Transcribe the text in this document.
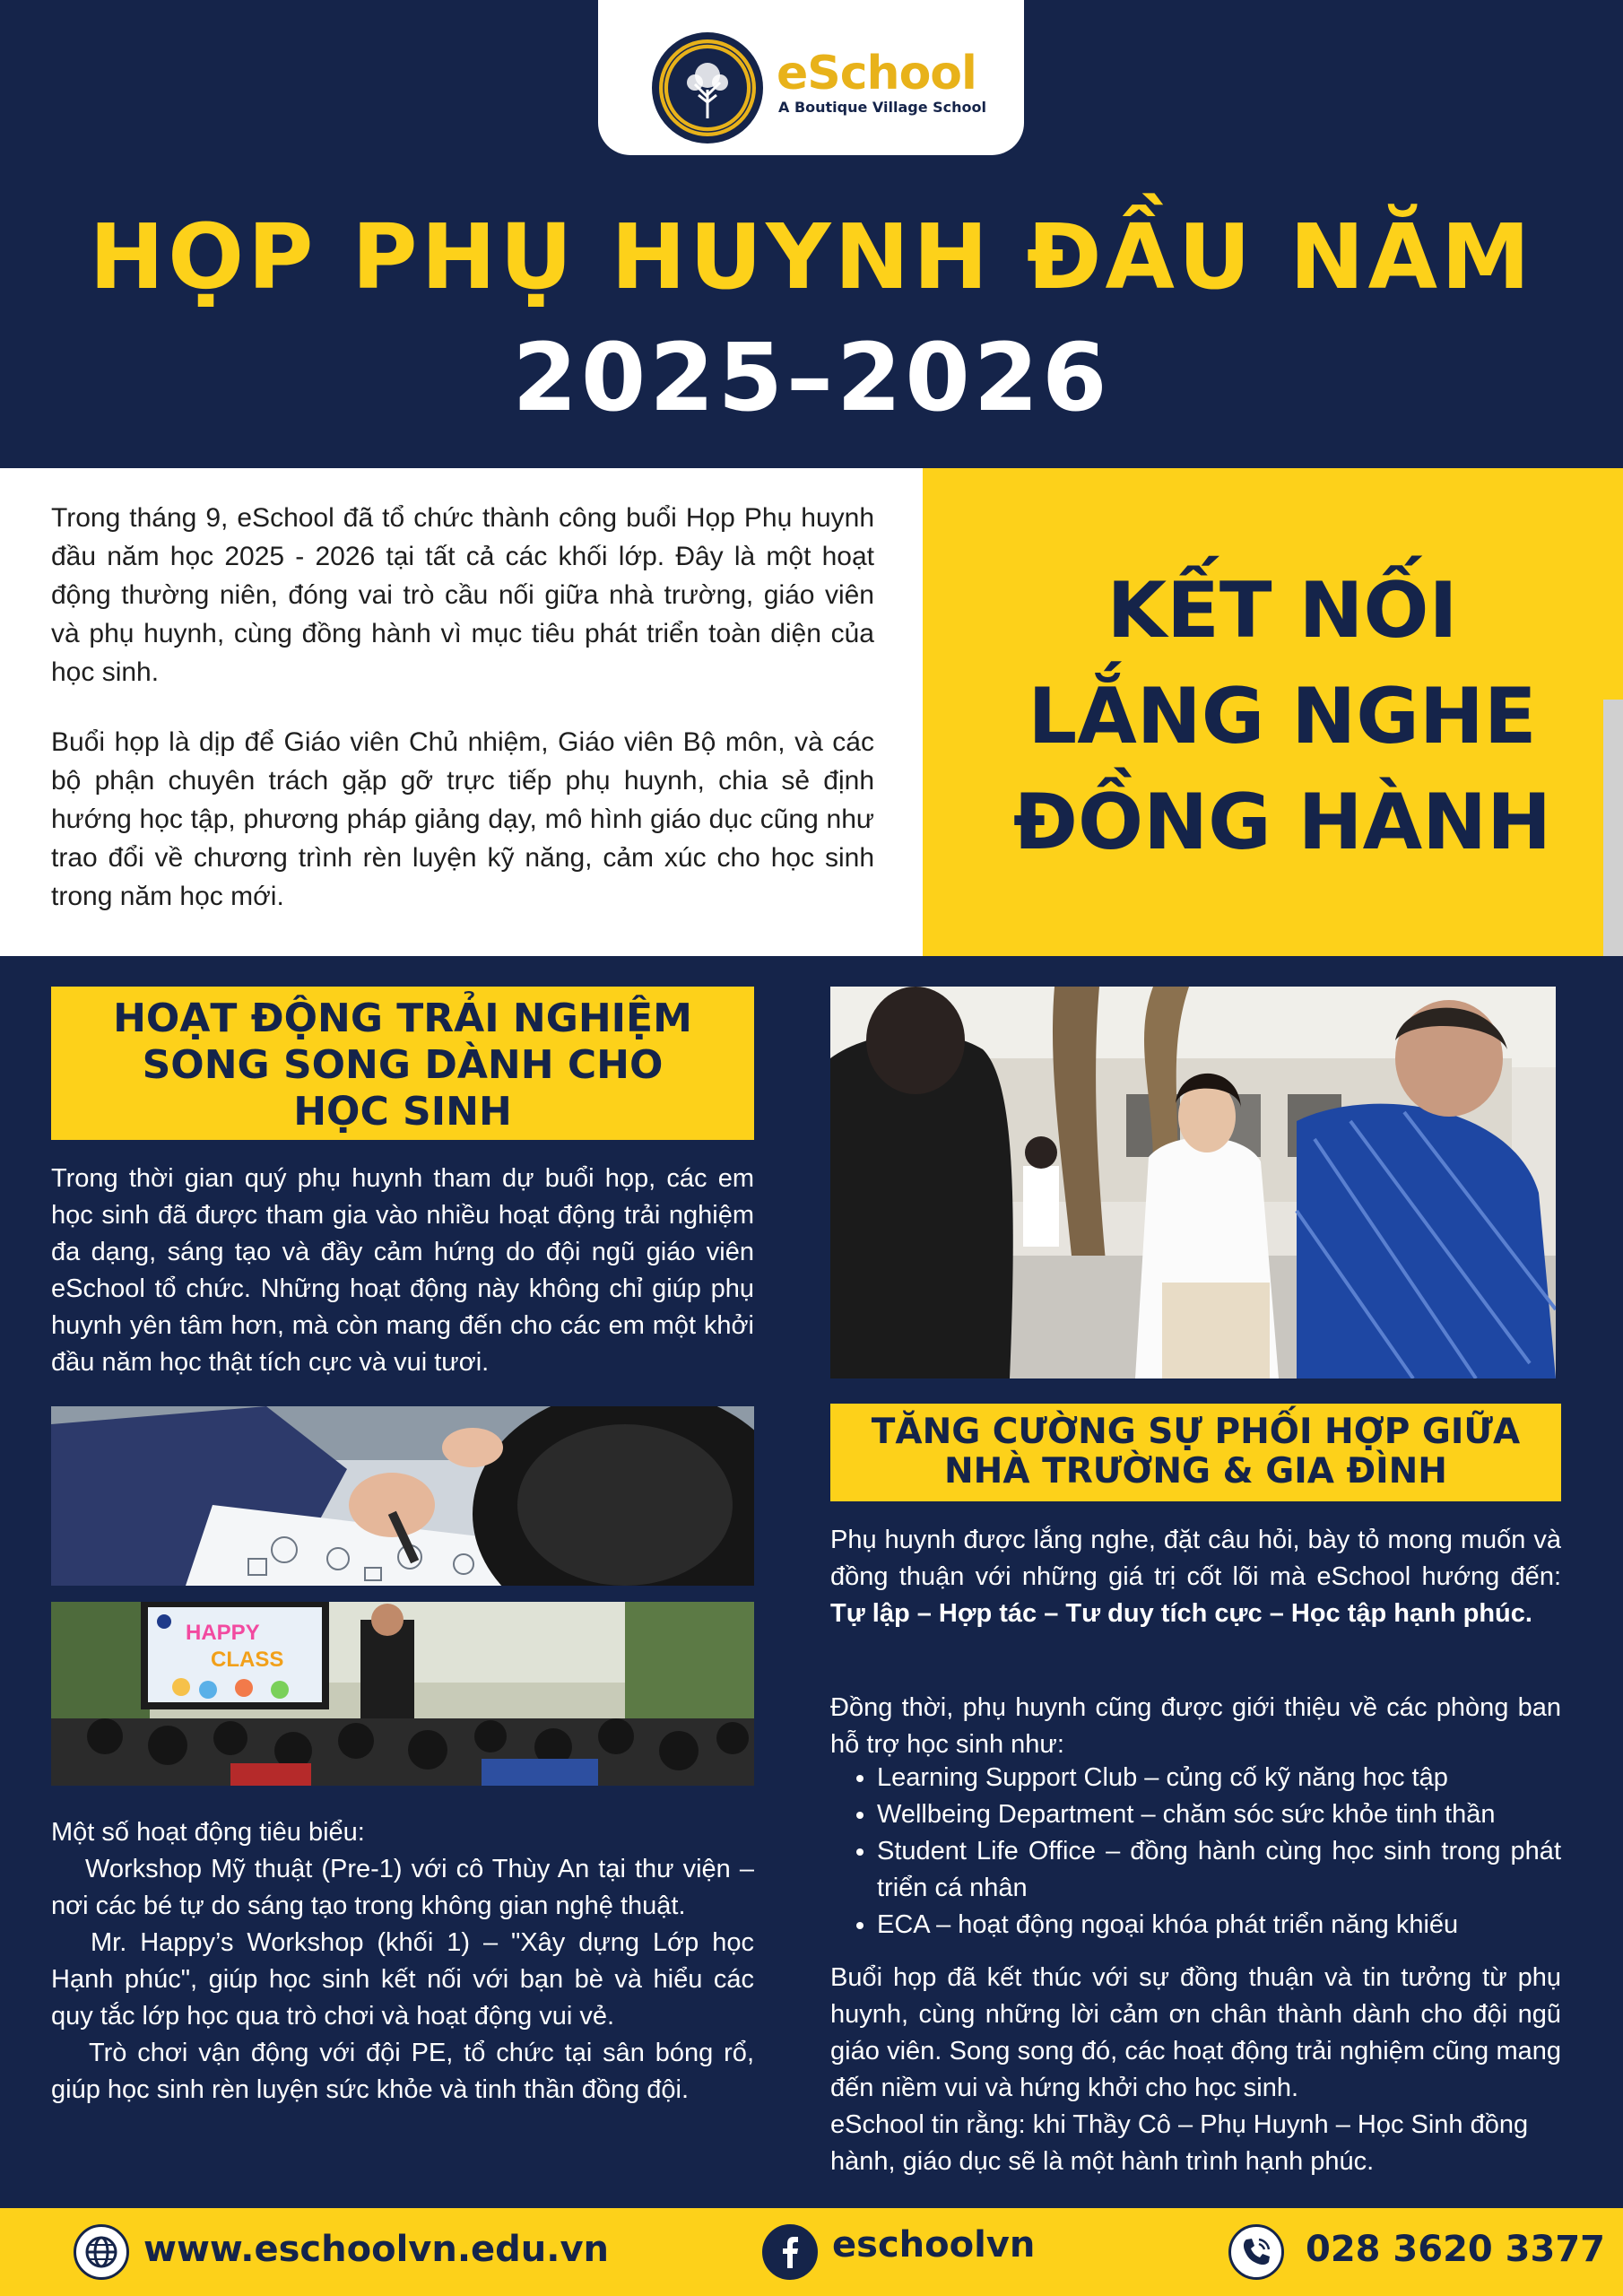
eSchool
A Boutique Village School
HỌP PHỤ HUYNH ĐẦU NĂM
2025–2026

Trong tháng 9, eSchool đã tổ chức thành công buổi Họp Phụ huynh đầu năm học 2025 - 2026 tại tất cả các khối lớp. Đây là một hoạt động thường niên, đóng vai trò cầu nối giữa nhà trường, giáo viên và phụ huynh, cùng đồng hành vì mục tiêu phát triển toàn diện của học sinh.

Buổi họp là dịp để Giáo viên Chủ nhiệm, Giáo viên Bộ môn, và các bộ phận chuyên trách gặp gỡ trực tiếp phụ huynh, chia sẻ định hướng học tập, phương pháp giảng dạy, mô hình giáo dục cũng như trao đổi về chương trình rèn luyện kỹ năng, cảm xúc cho học sinh trong năm học mới.

KẾT NỐI
LẮNG NGHE
ĐỒNG HÀNH
HOẠT ĐỘNG TRẢI NGHIỆM
SONG SONG DÀNH CHO
HỌC SINH

Trong thời gian quý phụ huynh tham dự buổi họp, các em học sinh đã được tham gia vào nhiều hoạt động trải nghiệm đa dạng, sáng tạo và đầy cảm hứng do đội ngũ giáo viên eSchool tổ chức. Những hoạt động này không chỉ giúp phụ huynh yên tâm hơn, mà còn mang đến cho các em một khởi đầu năm học thật tích cực và vui tươi.

HAPPY
CLASS

Một số hoạt động tiêu biểu:

Workshop Mỹ thuật (Pre-1) với cô Thùy An tại thư viện – nơi các bé tự do sáng tạo trong không gian nghệ thuật.

Mr. Happy’s Workshop (khối 1) – "Xây dựng Lớp học Hạnh phúc", giúp học sinh kết nối với bạn bè và hiểu các quy tắc lớp học qua trò chơi và hoạt động vui vẻ.

Trò chơi vận động với đội PE, tổ chức tại sân bóng rổ, giúp học sinh rèn luyện sức khỏe và tinh thần đồng đội.

TĂNG CƯỜNG SỰ PHỐI HỢP GIỮA
NHÀ TRƯỜNG & GIA ĐÌNH

Phụ huynh được lắng nghe, đặt câu hỏi, bày tỏ mong muốn và đồng thuận với những giá trị cốt lõi mà eSchool hướng đến: Tự lập – Hợp tác – Tư duy tích cực – Học tập hạnh phúc.

Đồng thời, phụ huynh cũng được giới thiệu về các phòng ban hỗ trợ học sinh như:

• Learning Support Club – củng cố kỹ năng học tập
• Wellbeing Department – chăm sóc sức khỏe tinh thần
• Student Life Office – đồng hành cùng học sinh trong phát triển cá nhân
• ECA – hoạt động ngoại khóa phát triển năng khiếu

Buổi họp đã kết thúc với sự đồng thuận và tin tưởng từ phụ huynh, cùng những lời cảm ơn chân thành dành cho đội ngũ giáo viên. Song song đó, các hoạt động trải nghiệm cũng mang đến niềm vui và hứng khởi cho học sinh.

eSchool tin rằng: khi Thầy Cô – Phụ Huynh – Học Sinh đồng hành, giáo dục sẽ là một hành trình hạnh phúc.

www.eschoolvn.edu.vn	eschoolvn	028 3620 3377
